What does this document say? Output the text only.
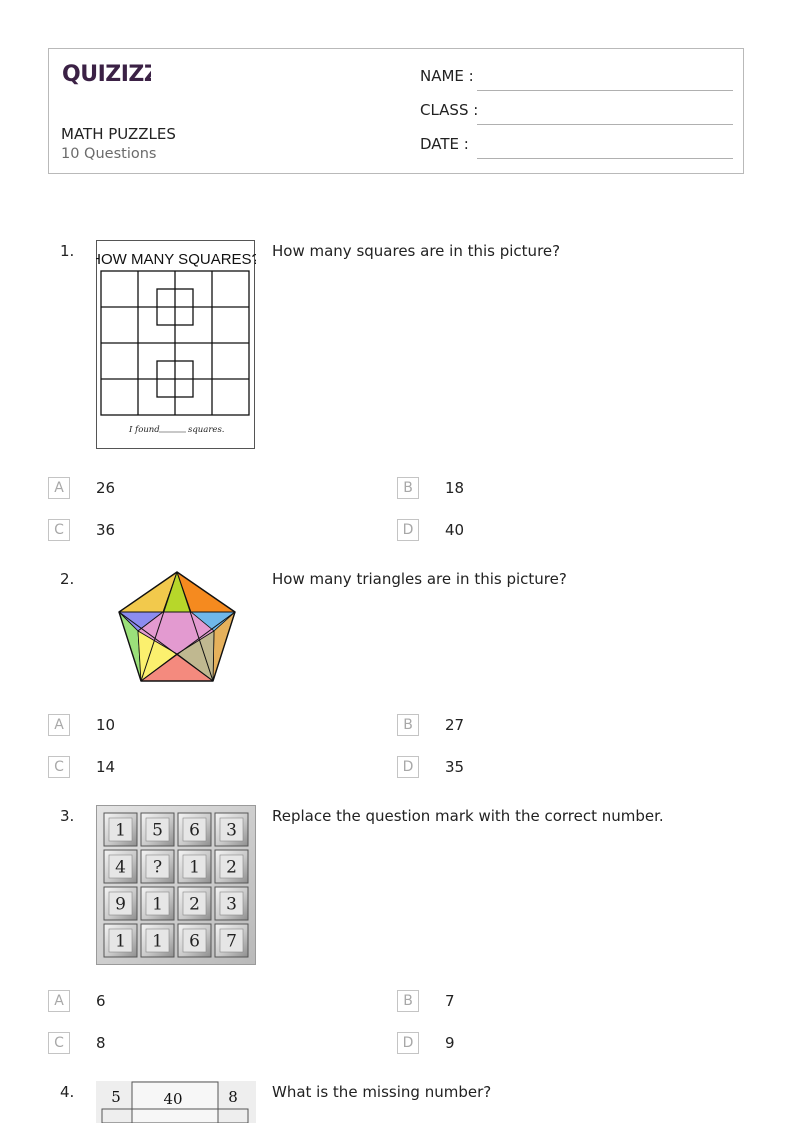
QUIZIZZ
MATH PUZZLES
10 Questions
NAME :
CLASS :
DATE :
1.	How many squares are in this picture?
HOW MANY SQUARES?
I found	squares.
A	26	B	18
C	36	D	40
2.	How many triangles are in this picture?
A	10	B	27
C	14	D	35
3.	Replace the question mark with the correct number.
1 5 6 3
4 ? 1 2
9 1 2 3
1 1 6 7
A	6	B	7
C	8	D	9
4.	What is the missing number?
5	40	8
